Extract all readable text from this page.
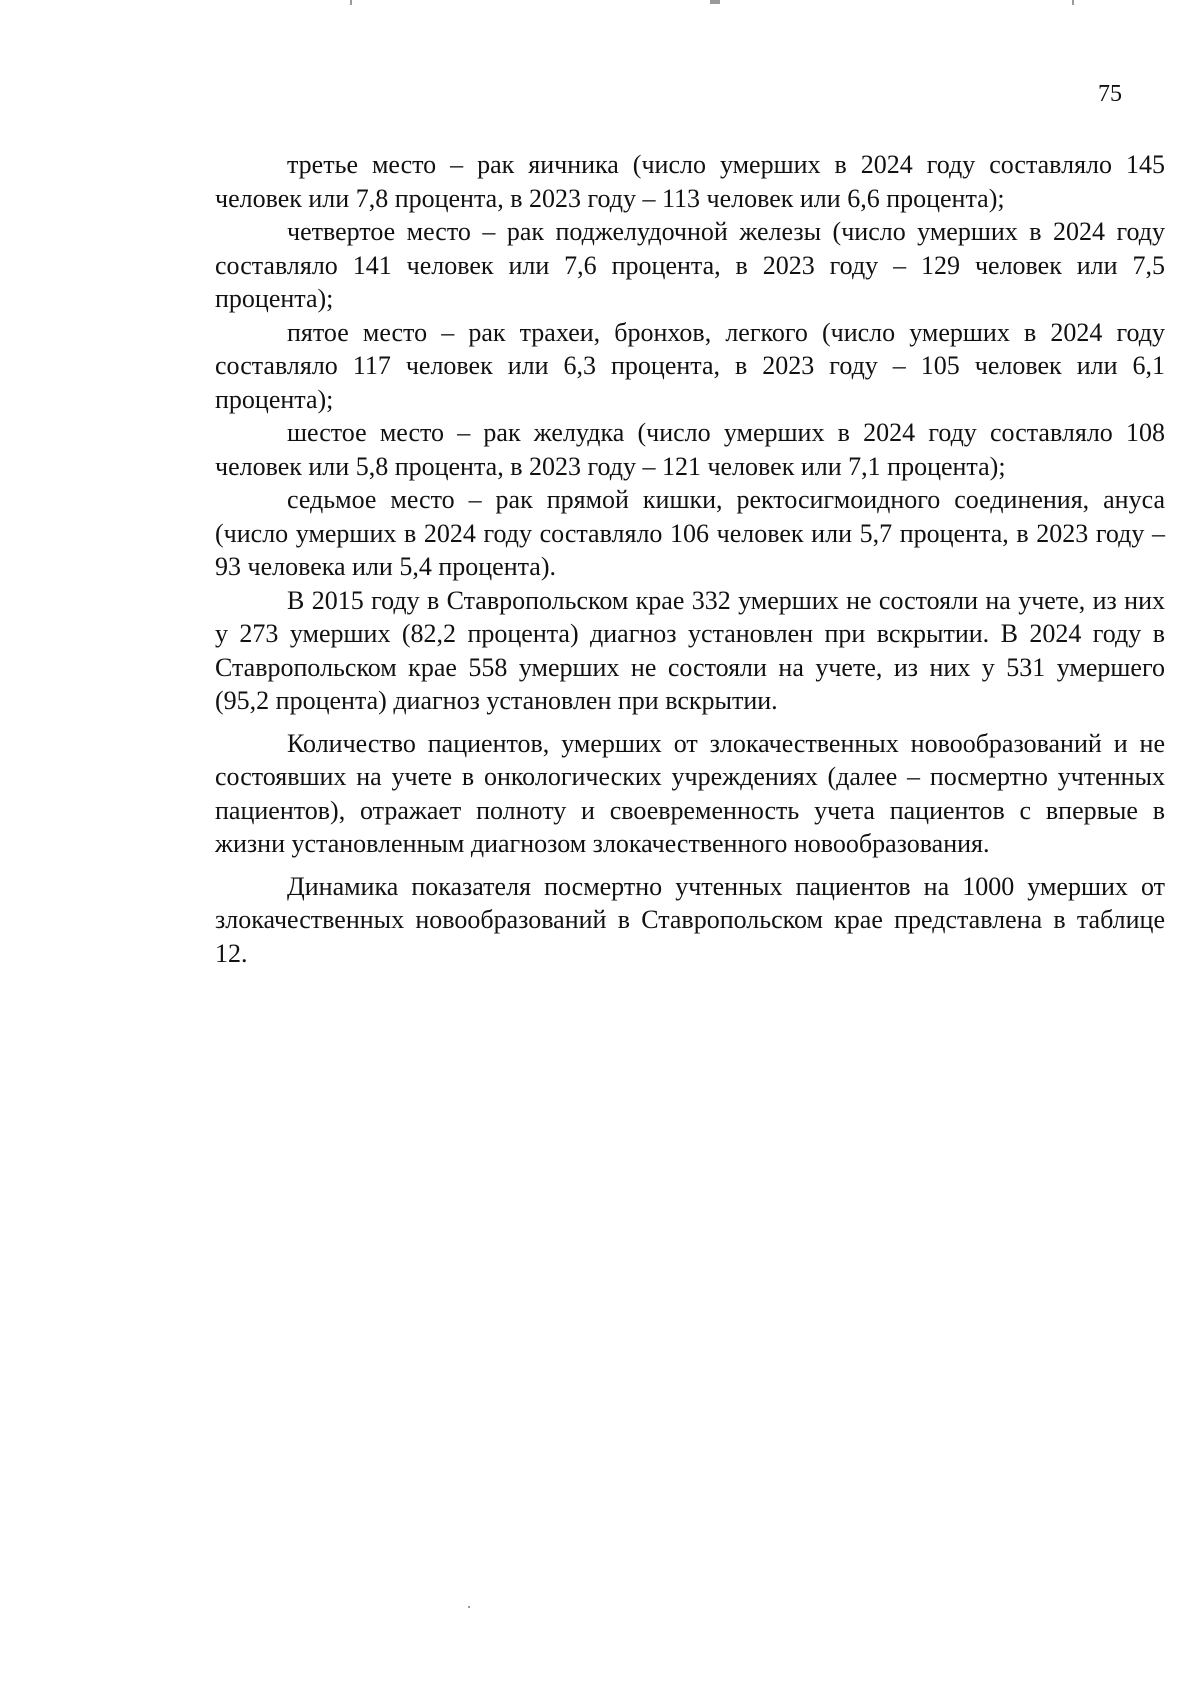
75

третье место – рак яичника (число умерших в 2024 году составляло 145 человек или 7,8 процента, в 2023 году – 113 человек или 6,6 процента);

четвертое место – рак поджелудочной железы (число умерших в 2024 году составляло 141 человек или 7,6 процента, в 2023 году – 129 человек или 7,5 процента);

пятое место – рак трахеи, бронхов, легкого (число умерших в 2024 году составляло 117 человек или 6,3 процента, в 2023 году – 105 человек или 6,1 процента);

шестое место – рак желудка (число умерших в 2024 году составляло 108 человек или 5,8 процента, в 2023 году – 121 человек или 7,1 процента);

седьмое место – рак прямой кишки, ректосигмоидного соединения, ануса (число умерших в 2024 году составляло 106 человек или 5,7 процента, в 2023 году – 93 человека или 5,4 процента).

В 2015 году в Ставропольском крае 332 умерших не состояли на учете, из них у 273 умерших (82,2 процента) диагноз установлен при вскрытии. В 2024 году в Ставропольском крае 558 умерших не состояли на учете, из них у 531 умершего (95,2 процента) диагноз установлен при вскрытии.

Количество пациентов, умерших от злокачественных новообразований и не состоявших на учете в онкологических учреждениях (далее – посмертно учтенных пациентов), отражает полноту и своевременность учета пациентов с впервые в жизни установленным диагнозом злокачественного новообразования.

Динамика показателя посмертно учтенных пациентов на 1000 умерших от злокачественных новообразований в Ставропольском крае представлена в таблице 12.
